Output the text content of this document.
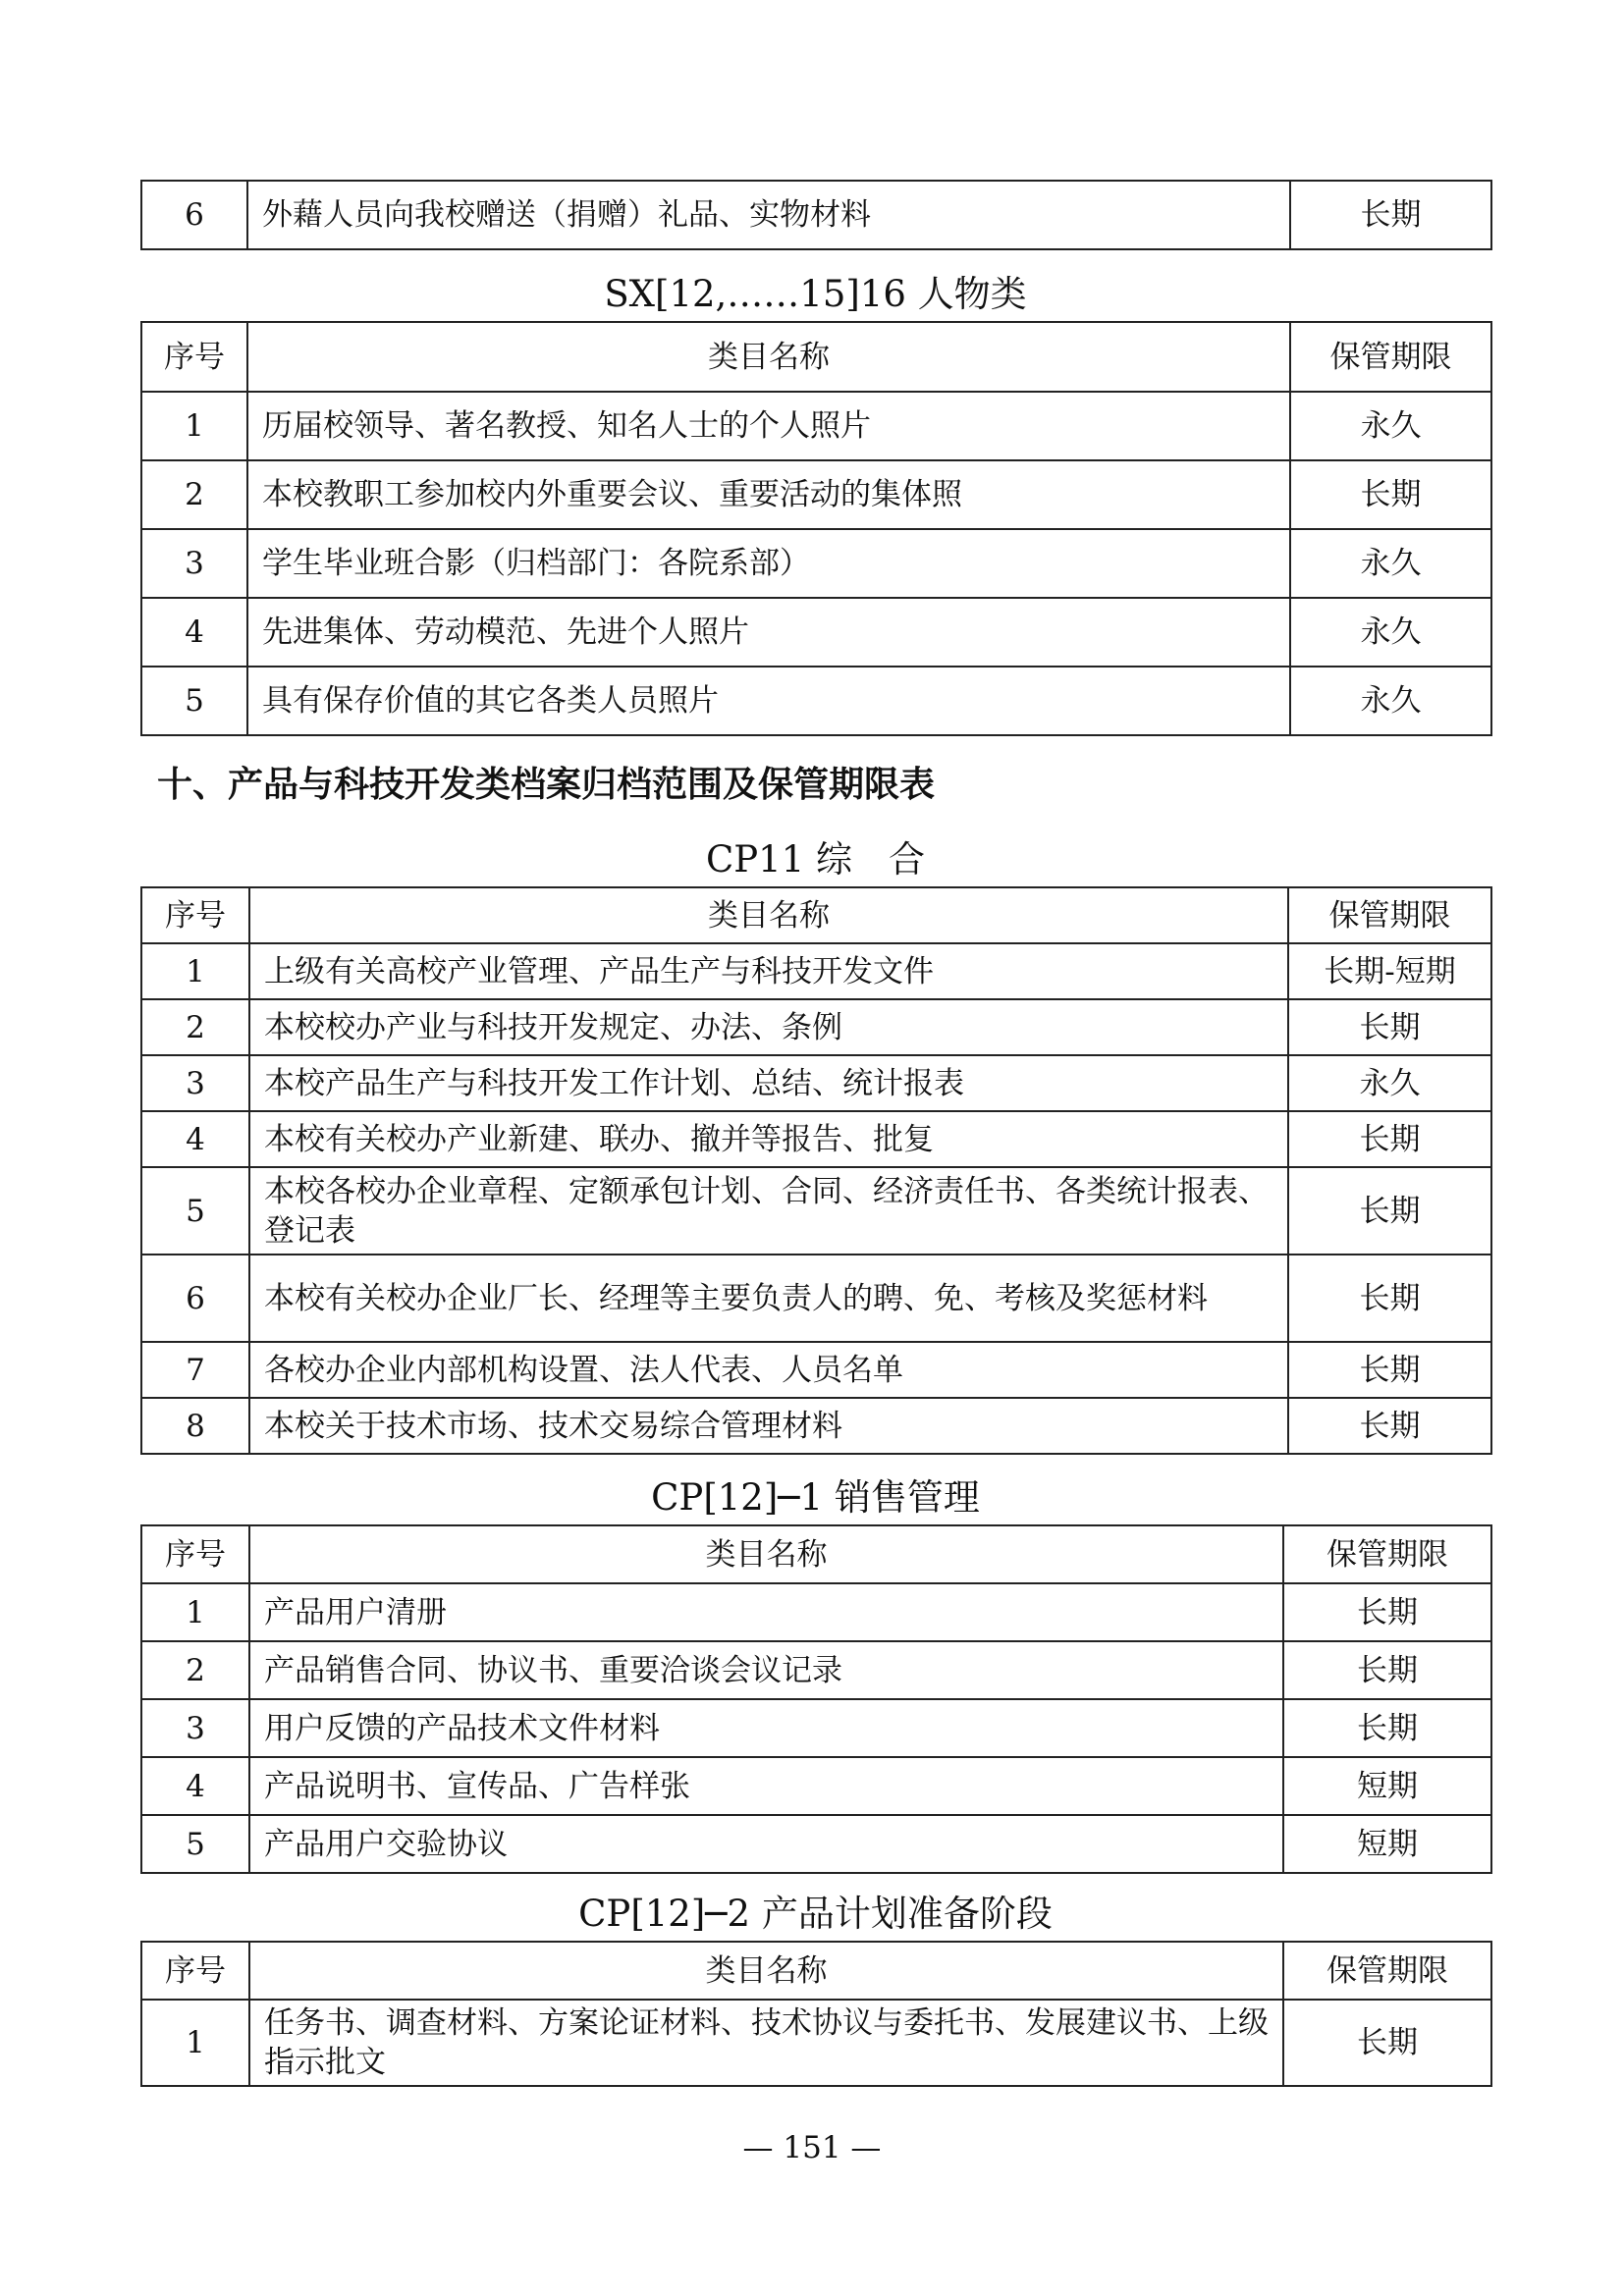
6	外藉人员向我校赠送（捐赠）礼品、实物材料	长期
SX[12,……15]16 人物类
序号	类目名称	保管期限
1	历届校领导、著名教授、知名人士的个人照片	永久
2	本校教职工参加校内外重要会议、重要活动的集体照	长期
3	学生毕业班合影（归档部门：各院系部）	永久
4	先进集体、劳动模范、先进个人照片	永久
5	具有保存价值的其它各类人员照片	永久
十、产品与科技开发类档案归档范围及保管期限表
CP11 综　合
序号	类目名称	保管期限
1	上级有关高校产业管理、产品生产与科技开发文件	长期-短期
2	本校校办产业与科技开发规定、办法、条例	长期
3	本校产品生产与科技开发工作计划、总结、统计报表	永久
4	本校有关校办产业新建、联办、撤并等报告、批复	长期
5	本校各校办企业章程、定额承包计划、合同、经济责任书、各类统计报表、登记表	长期
6	本校有关校办企业厂长、经理等主要负责人的聘、免、考核及奖惩材料	长期
7	各校办企业内部机构设置、法人代表、人员名单	长期
8	本校关于技术市场、技术交易综合管理材料	长期
CP[12]─1 销售管理
序号	类目名称	保管期限
1	产品用户清册	长期
2	产品销售合同、协议书、重要洽谈会议记录	长期
3	用户反馈的产品技术文件材料	长期
4	产品说明书、宣传品、广告样张	短期
5	产品用户交验协议	短期
CP[12]─2 产品计划准备阶段
序号	类目名称	保管期限
1	任务书、调查材料、方案论证材料、技术协议与委托书、发展建议书、上级指示批文	长期
— 151 —
